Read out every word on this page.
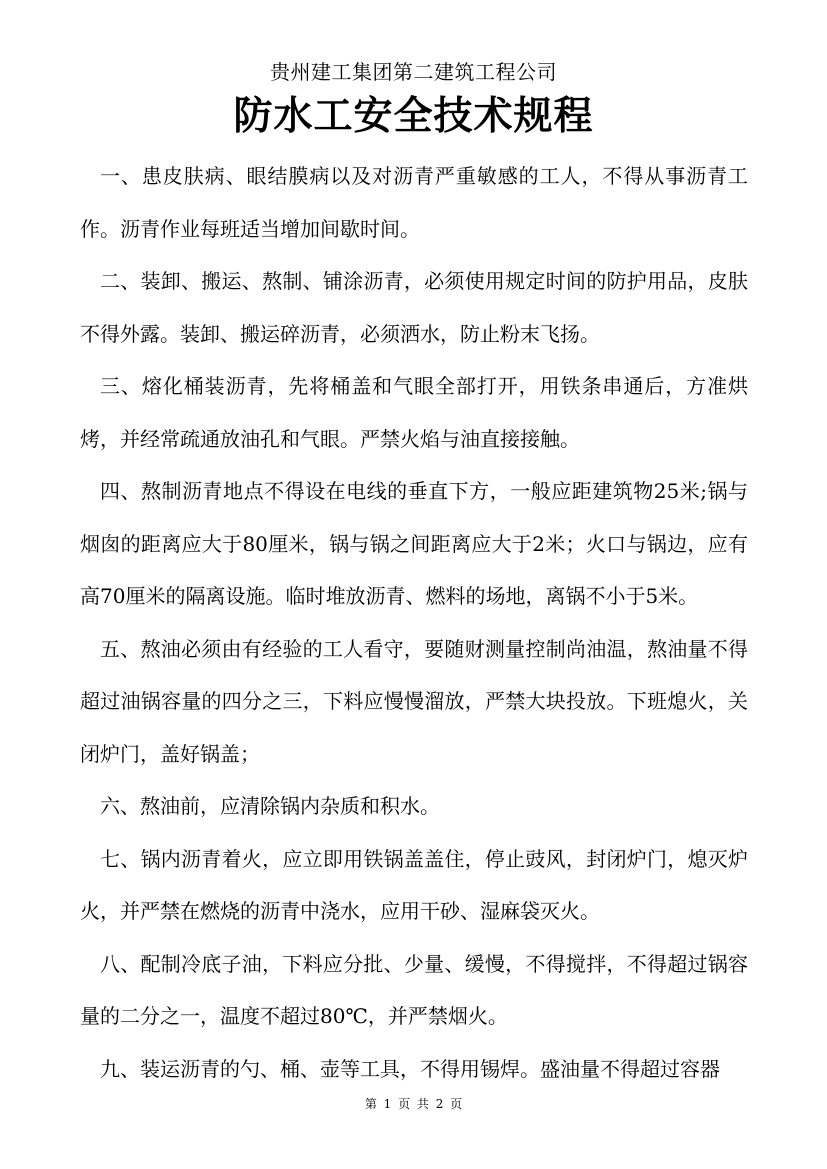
贵州建工集团第二建筑工程公司
防水工安全技术规程

一、患皮肤病、眼结膜病以及对沥青严重敏感的工人，不得从事沥青工作。沥青作业每班适当增加间歇时间。

二、装卸、搬运、熬制、铺涂沥青，必须使用规定时间的防护用品，皮肤不得外露。装卸、搬运碎沥青，必须洒水，防止粉末飞扬。

三、熔化桶装沥青，先将桶盖和气眼全部打开，用铁条串通后，方准烘烤，并经常疏通放油孔和气眼。严禁火焰与油直接接触。

四、熬制沥青地点不得设在电线的垂直下方，一般应距建筑物25米;锅与烟囱的距离应大于80厘米，锅与锅之间距离应大于2米；火口与锅边，应有高70厘米的隔离设施。临时堆放沥青、燃料的场地，离锅不小于5米。

五、熬油必须由有经验的工人看守，要随财测量控制尚油温，熬油量不得超过油锅容量的四分之三，下料应慢慢溜放，严禁大块投放。下班熄火，关闭炉门，盖好锅盖；

六、熬油前，应清除锅内杂质和积水。

七、锅内沥青着火，应立即用铁锅盖盖住，停止豉风，封闭炉门，熄灭炉火，并严禁在燃烧的沥青中浇水，应用干砂、湿麻袋灭火。

八、配制冷底子油，下料应分批、少量、缓慢，不得搅拌，不得超过锅容量的二分之一，温度不超过80℃，并严禁烟火。

九、装运沥青的勺、桶、壶等工具，不得用锡焊。盛油量不得超过容器

第 1 页 共 2 页
